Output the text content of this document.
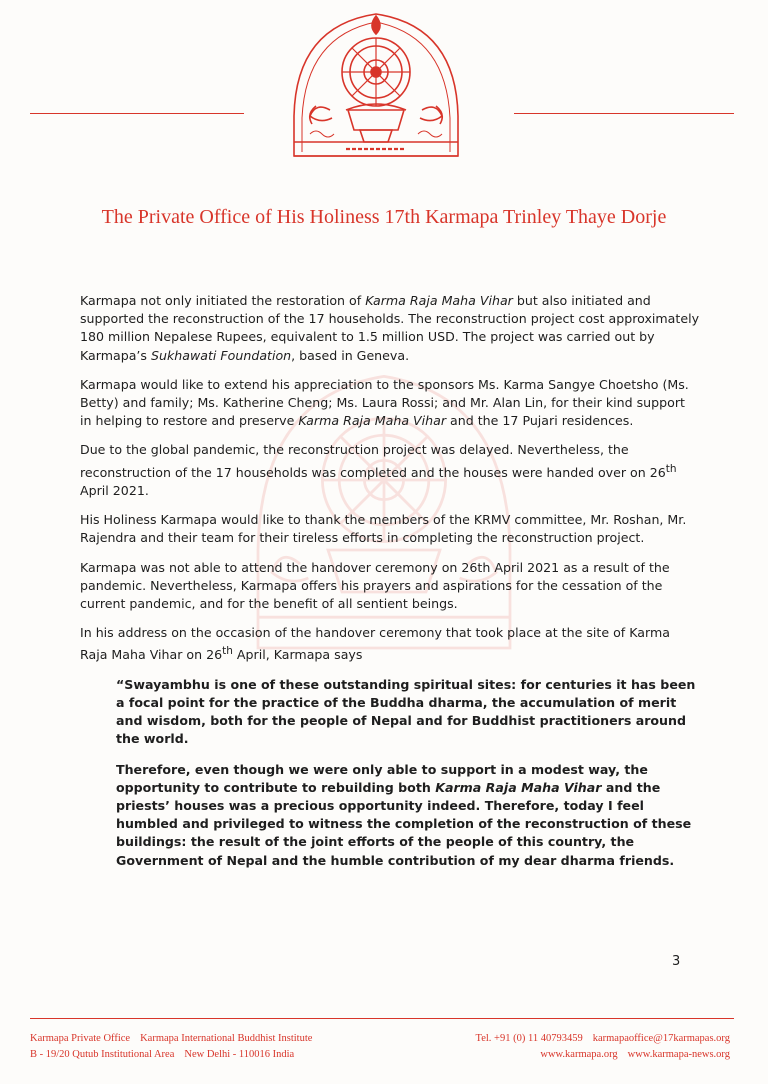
The Private Office of His Holiness 17th Karmapa Trinley Thaye Dorje

Karmapa not only initiated the restoration of Karma Raja Maha Vihar but also initiated and supported the reconstruction of the 17 households. The reconstruction project cost approximately 180 million Nepalese Rupees, equivalent to 1.5 million USD. The project was carried out by Karmapa’s Sukhawati Foundation, based in Geneva.

Karmapa would like to extend his appreciation to the sponsors Ms. Karma Sangye Choetsho (Ms. Betty) and family; Ms. Katherine Cheng; Ms. Laura Rossi; and Mr. Alan Lin, for their kind support in helping to restore and preserve Karma Raja Maha Vihar and the 17 Pujari residences.

Due to the global pandemic, the reconstruction project was delayed. Nevertheless, the reconstruction of the 17 households was completed and the houses were handed over on 26th April 2021.

His Holiness Karmapa would like to thank the members of the KRMV committee, Mr. Roshan, Mr. Rajendra and their team for their tireless efforts in completing the reconstruction project.

Karmapa was not able to attend the handover ceremony on 26th April 2021 as a result of the pandemic. Nevertheless, Karmapa offers his prayers and aspirations for the cessation of the current pandemic, and for the benefit of all sentient beings.

In his address on the occasion of the handover ceremony that took place at the site of Karma Raja Maha Vihar on 26th April, Karmapa says

“Swayambhu is one of these outstanding spiritual sites: for centuries it has been a focal point for the practice of the Buddha dharma, the accumulation of merit and wisdom, both for the people of Nepal and for Buddhist practitioners around the world.

Therefore, even though we were only able to support in a modest way, the opportunity to contribute to rebuilding both Karma Raja Maha Vihar and the priests’ houses was a precious opportunity indeed. Therefore, today I feel humbled and privileged to witness the completion of the reconstruction of these buildings: the result of the joint efforts of the people of this country, the Government of Nepal and the humble contribution of my dear dharma friends.

3
Karmapa Private Office Karmapa International Buddhist Institute
B - 19/20 Qutub Institutional Area New Delhi - 110016 India
Tel. +91 (0) 11 40793459 karmapaoffice@17karmapas.org
www.karmapa.org www.karmapa-news.org
